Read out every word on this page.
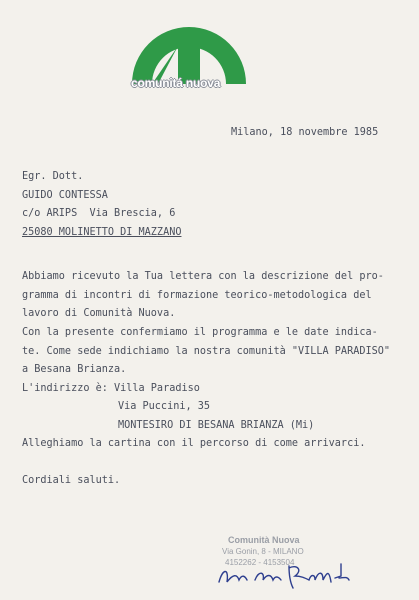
comunitá nuova
Milano, 18 novembre 1985
Egr. Dott.
GUIDO CONTESSA
c/o ARIPS  Via Brescia, 6
25080 MOLINETTO DI MAZZANO
Abbiamo ricevuto la Tua lettera con la descrizione del pro-
gramma di incontri di formazione teorico-metodologica del
lavoro di Comunità Nuova.
Con la presente confermiamo il programma e le date indica-
te. Come sede indichiamo la nostra comunità "VILLA PARADISO"
a Besana Brianza.
L'indirizzo è: Villa Paradiso
Via Puccini, 35
MONTESIRO DI BESANA BRIANZA (Mi)
Alleghiamo la cartina con il percorso di come arrivarci.
Cordiali saluti.
Comunità Nuova
Via Gonin, 8 - MILANO
4152262 - 4153504
